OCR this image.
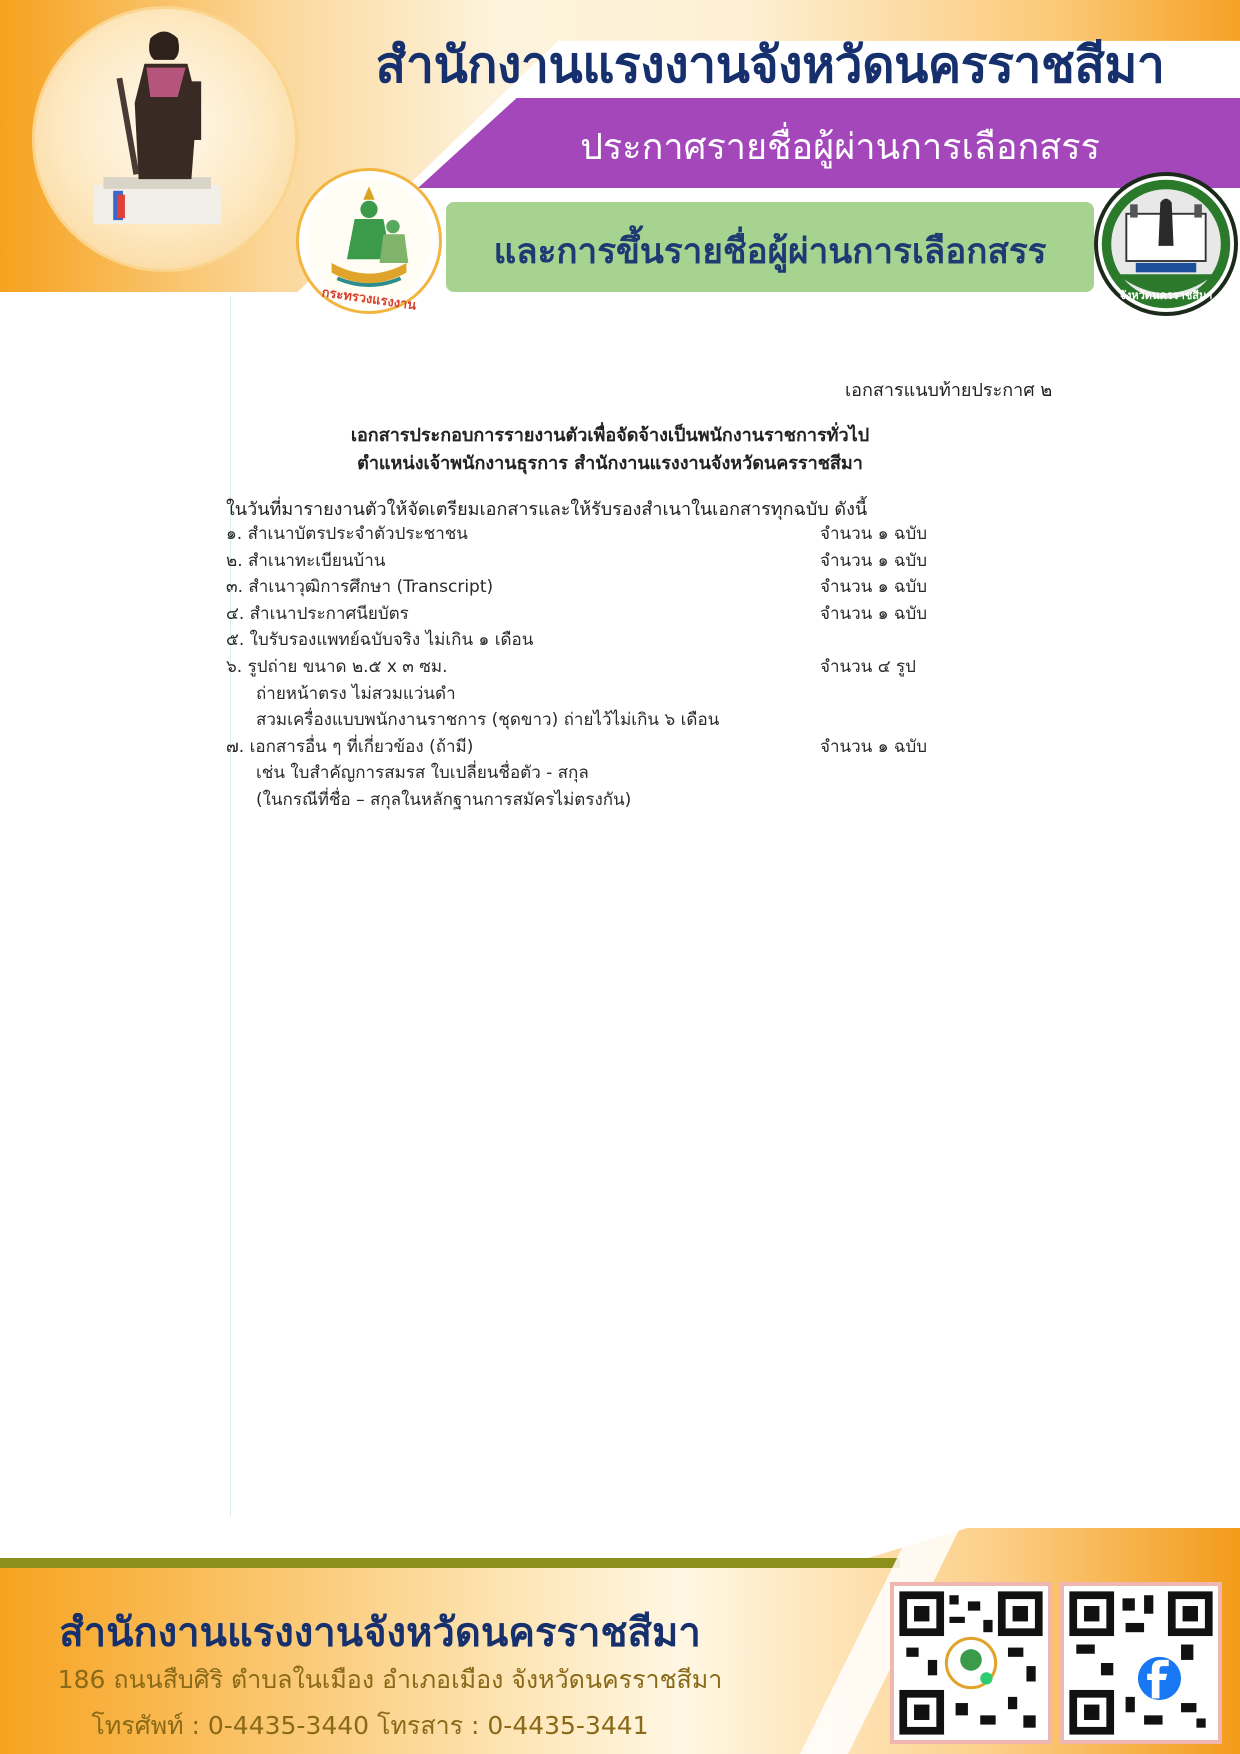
สำนักงานแรงงานจังหวัดนครราชสีมา
ประกาศรายชื่อผู้ผ่านการเลือกสรร
และการขึ้นรายชื่อผู้ผ่านการเลือกสรร
กระทรวงแรงงาน	จังหวัดนครราชสีมา
เอกสารแนบท้ายประกาศ ๒
เอกสารประกอบการรายงานตัวเพื่อจัดจ้างเป็นพนักงานราชการทั่วไป
ตำแหน่งเจ้าพนักงานธุรการ สำนักงานแรงงานจังหวัดนครราชสีมา
ในวันที่มารายงานตัวให้จัดเตรียมเอกสารและให้รับรองสำเนาในเอกสารทุกฉบับ ดังนี้
๑. สำเนาบัตรประจำตัวประชาชน	จำนวน ๑ ฉบับ
๒. สำเนาทะเบียนบ้าน	จำนวน ๑ ฉบับ
๓. สำเนาวุฒิการศึกษา (Transcript)	จำนวน ๑ ฉบับ
๔. สำเนาประกาศนียบัตร	จำนวน ๑ ฉบับ
๕. ใบรับรองแพทย์ฉบับจริง ไม่เกิน ๑ เดือน
๖. รูปถ่าย ขนาด ๒.๕ x ๓ ซม.	จำนวน ๔ รูป
ถ่ายหน้าตรง ไม่สวมแว่นดำ
สวมเครื่องแบบพนักงานราชการ (ชุดขาว) ถ่ายไว้ไม่เกิน ๖ เดือน
๗. เอกสารอื่น ๆ ที่เกี่ยวข้อง (ถ้ามี)	จำนวน ๑ ฉบับ
เช่น ใบสำคัญการสมรส ใบเปลี่ยนชื่อตัว - สกุล
(ในกรณีที่ชื่อ – สกุลในหลักฐานการสมัครไม่ตรงกัน)
สำนักงานแรงงานจังหวัดนครราชสีมา
186 ถนนสืบศิริ ตำบลในเมือง อำเภอเมือง จังหวัดนครราชสีมา
โทรศัพท์ : 0-4435-3440 โทรสาร : 0-4435-3441
